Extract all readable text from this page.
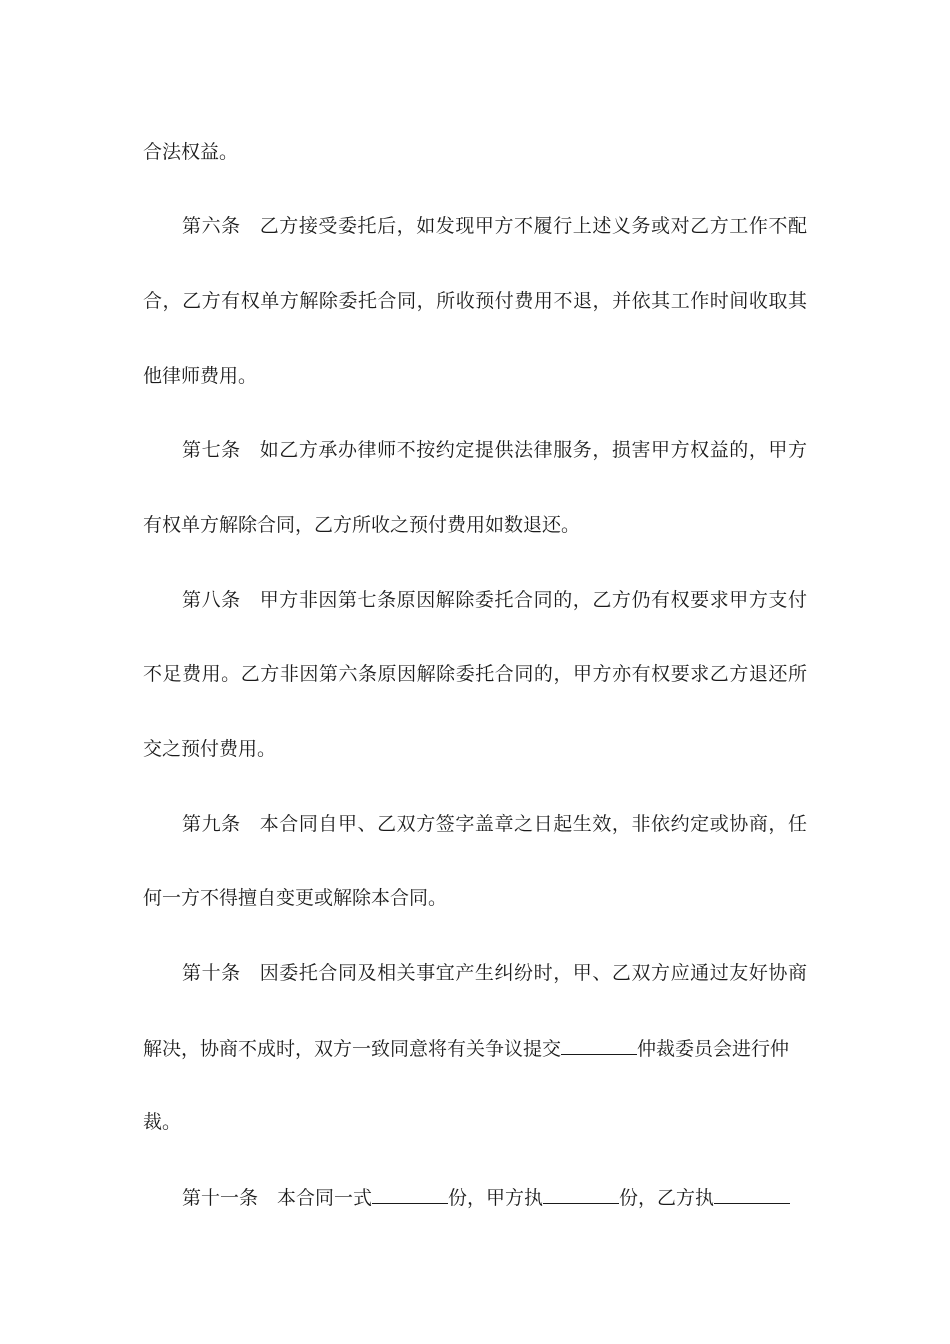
合法权益。
第六条 乙方接受委托后，如发现甲方不履行上述义务或对乙方工作不配
合，乙方有权单方解除委托合同，所收预付费用不退，并依其工作时间收取其
他律师费用。
第七条 如乙方承办律师不按约定提供法律服务，损害甲方权益的，甲方
有权单方解除合同，乙方所收之预付费用如数退还。
第八条 甲方非因第七条原因解除委托合同的，乙方仍有权要求甲方支付
不足费用。乙方非因第六条原因解除委托合同的，甲方亦有权要求乙方退还所
交之预付费用。
第九条 本合同自甲、乙双方签字盖章之日起生效，非依约定或协商，任
何一方不得擅自变更或解除本合同。
第十条 因委托合同及相关事宜产生纠纷时，甲、乙双方应通过友好协商
解决，协商不成时，双方一致同意将有关争议提交	仲裁委员会进行仲
裁。
第十一条 本合同一式	份，甲方执	份，乙方执
